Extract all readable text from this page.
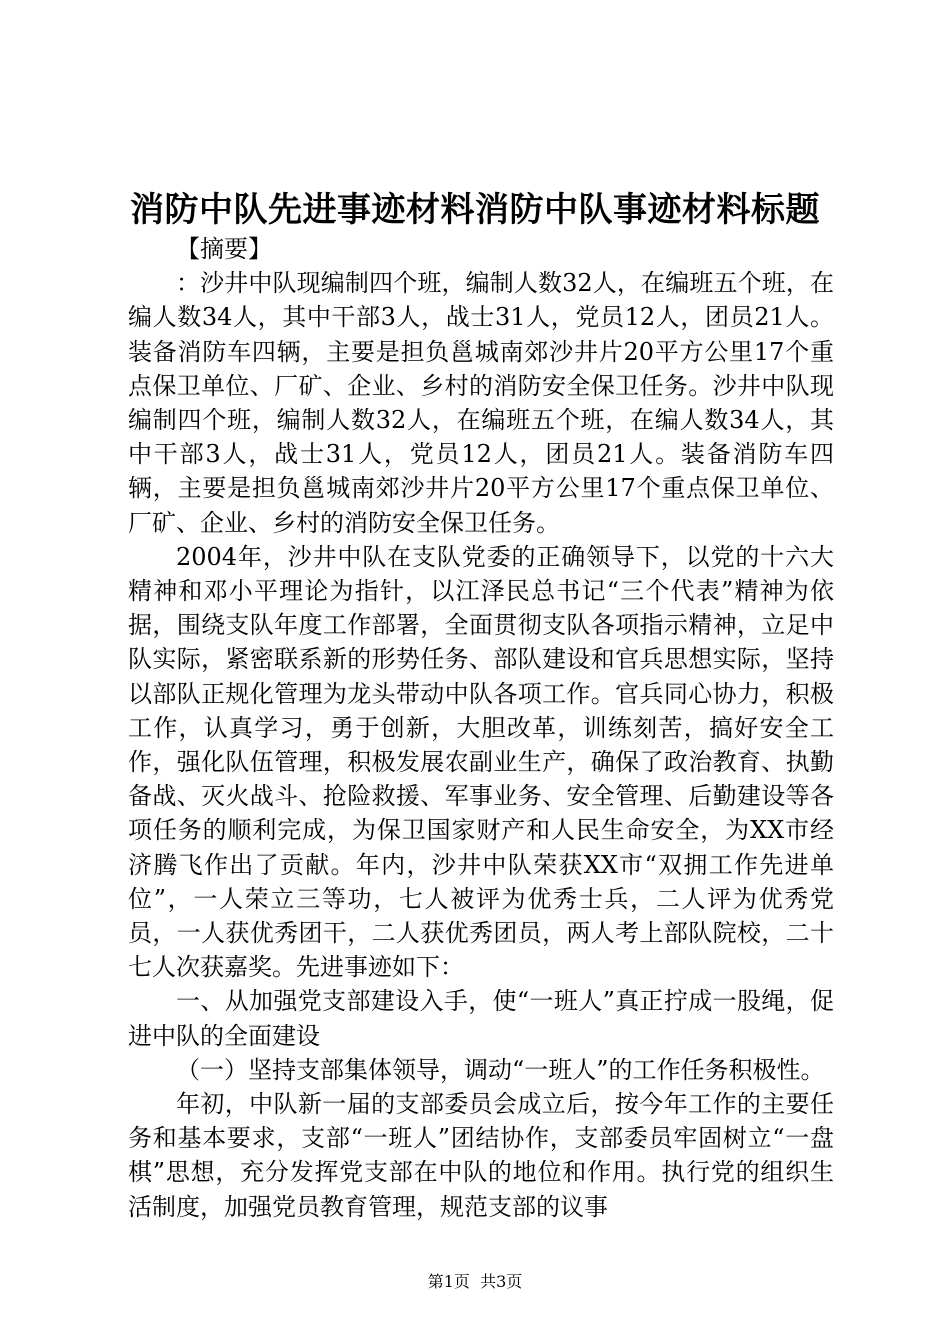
消防中队先进事迹材料消防中队事迹材料标题

【摘要】

：沙井中队现编制四个班，编制人数32人，在编班五个班，在编人数34人，其中干部3人，战士31人，党员12人，团员21人。装备消防车四辆，主要是担负邕城南郊沙井片20平方公里17个重点保卫单位、厂矿、企业、乡村的消防安全保卫任务。沙井中队现编制四个班，编制人数32人，在编班五个班，在编人数34人，其中干部3人，战士31人，党员12人，团员21人。装备消防车四辆，主要是担负邕城南郊沙井片20平方公里17个重点保卫单位、厂矿、企业、乡村的消防安全保卫任务。

2004年，沙井中队在支队党委的正确领导下，以党的十六大精神和邓小平理论为指针，以江泽民总书记“三个代表”精神为依据，围绕支队年度工作部署，全面贯彻支队各项指示精神，立足中队实际，紧密联系新的形势任务、部队建设和官兵思想实际，坚持以部队正规化管理为龙头带动中队各项工作。官兵同心协力，积极工作，认真学习，勇于创新，大胆改革，训练刻苦，搞好安全工作，强化队伍管理，积极发展农副业生产，确保了政治教育、执勤备战、灭火战斗、抢险救援、军事业务、安全管理、后勤建设等各项任务的顺利完成，为保卫国家财产和人民生命安全，为XX市经济腾飞作出了贡献。年内，沙井中队荣获XX市“双拥工作先进单位”，一人荣立三等功，七人被评为优秀士兵，二人评为优秀党员，一人获优秀团干，二人获优秀团员，两人考上部队院校，二十七人次获嘉奖。先进事迹如下：

一、从加强党支部建设入手，使“一班人”真正拧成一股绳，促进中队的全面建设

（一）坚持支部集体领导，调动“一班人”的工作任务积极性。

年初，中队新一届的支部委员会成立后，按今年工作的主要任务和基本要求，支部“一班人”团结协作，支部委员牢固树立“一盘棋”思想，充分发挥党支部在中队的地位和作用。执行党的组织生活制度，加强党员教育管理，规范支部的议事

第1页 共3页
